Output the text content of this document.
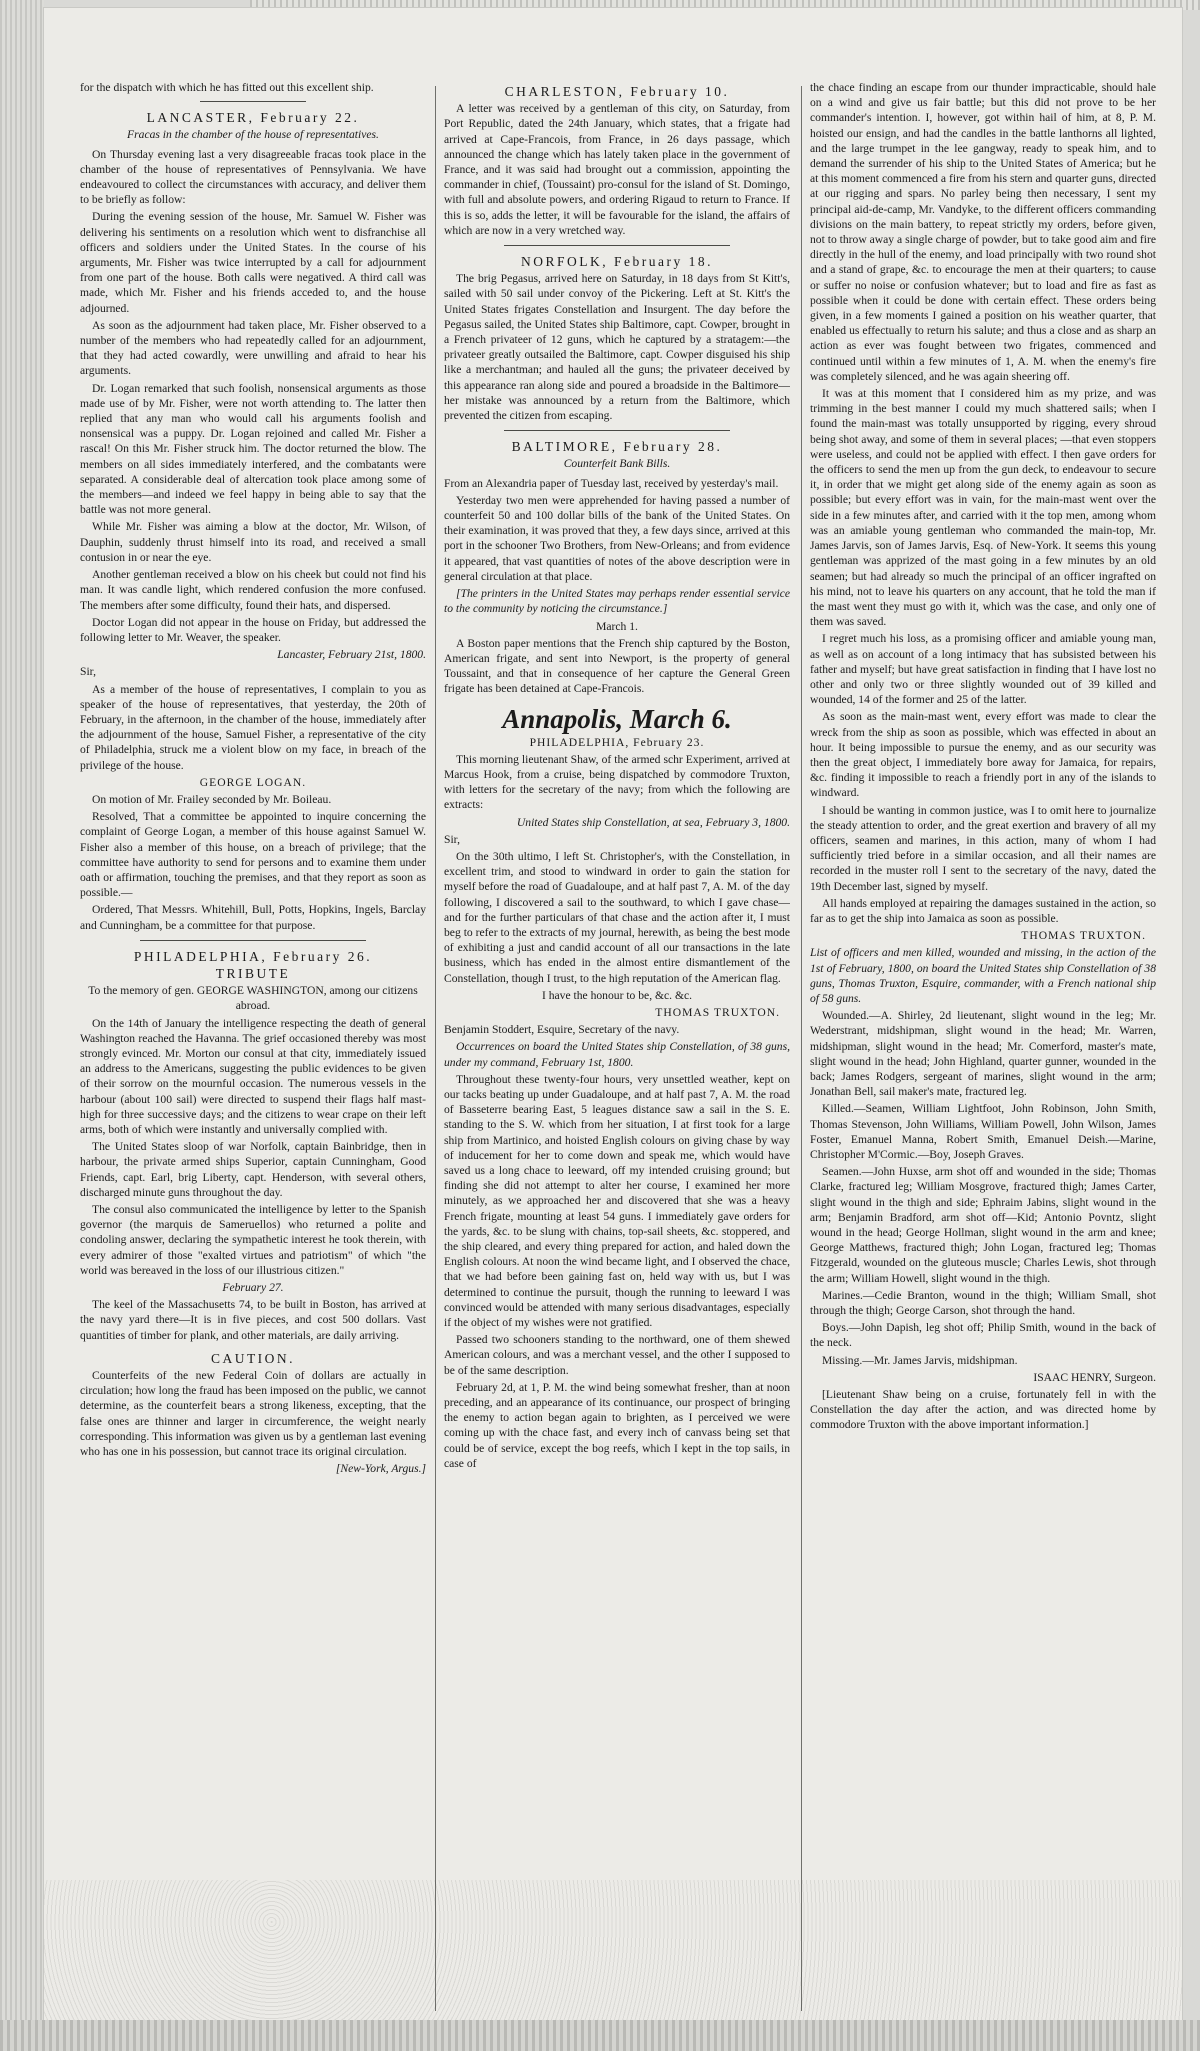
for the dispatch with which he has fitted out this excellent ship.

LANCASTER, February 22.
Fracas in the chamber of the house of representatives.

On Thursday evening last a very disagreeable fracas took place in the chamber of the house of representatives of Pennsylvania. We have endeavoured to collect the circumstances with accuracy, and deliver them to be briefly as follow:

During the evening session of the house, Mr. Samuel W. Fisher was delivering his sentiments on a resolution which went to disfranchise all officers and soldiers under the United States. In the course of his arguments, Mr. Fisher was twice interrupted by a call for adjournment from one part of the house. Both calls were negatived. A third call was made, which Mr. Fisher and his friends acceded to, and the house adjourned.

As soon as the adjournment had taken place, Mr. Fisher observed to a number of the members who had repeatedly called for an adjournment, that they had acted cowardly, were unwilling and afraid to hear his arguments.

Dr. Logan remarked that such foolish, nonsensical arguments as those made use of by Mr. Fisher, were not worth attending to. The latter then replied that any man who would call his arguments foolish and nonsensical was a puppy. Dr. Logan rejoined and called Mr. Fisher a rascal! On this Mr. Fisher struck him. The doctor returned the blow. The members on all sides immediately interfered, and the combatants were separated. A considerable deal of altercation took place among some of the members—and indeed we feel happy in being able to say that the battle was not more general.

While Mr. Fisher was aiming a blow at the doctor, Mr. Wilson, of Dauphin, suddenly thrust himself into its road, and received a small contusion in or near the eye.

Another gentleman received a blow on his cheek but could not find his man. It was candle light, which rendered confusion the more confused. The members after some difficulty, found their hats, and dispersed.

Doctor Logan did not appear in the house on Friday, but addressed the following letter to Mr. Weaver, the speaker.

Lancaster, February 21st, 1800.

Sir,

As a member of the house of representatives, I complain to you as speaker of the house of representatives, that yesterday, the 20th of February, in the afternoon, in the chamber of the house, immediately after the adjournment of the house, Samuel Fisher, a representative of the city of Philadelphia, struck me a violent blow on my face, in breach of the privilege of the house.

GEORGE LOGAN.

On motion of Mr. Frailey seconded by Mr. Boileau.

Resolved, That a committee be appointed to inquire concerning the complaint of George Logan, a member of this house against Samuel W. Fisher also a member of this house, on a breach of privilege; that the committee have authority to send for persons and to examine them under oath or affirmation, touching the premises, and that they report as soon as possible.—

Ordered, That Messrs. Whitehill, Bull, Potts, Hopkins, Ingels, Barclay and Cunningham, be a committee for that purpose.

PHILADELPHIA, February 26.
TRIBUTE

To the memory of gen. GEORGE WASHINGTON, among our citizens abroad.

On the 14th of January the intelligence respecting the death of general Washington reached the Havanna. The grief occasioned thereby was most strongly evinced. Mr. Morton our consul at that city, immediately issued an address to the Americans, suggesting the public evidences to be given of their sorrow on the mournful occasion. The numerous vessels in the harbour (about 100 sail) were directed to suspend their flags half mast-high for three successive days; and the citizens to wear crape on their left arms, both of which were instantly and universally complied with.

The United States sloop of war Norfolk, captain Bainbridge, then in harbour, the private armed ships Superior, captain Cunningham, Good Friends, capt. Earl, brig Liberty, capt. Henderson, with several others, discharged minute guns throughout the day.

The consul also communicated the intelligence by letter to the Spanish governor (the marquis de Sameruellos) who returned a polite and condoling answer, declaring the sympathetic interest he took therein, with every admirer of those "exalted virtues and patriotism" of which "the world was bereaved in the loss of our illustrious citizen."

February 27.

The keel of the Massachusetts 74, to be built in Boston, has arrived at the navy yard there—It is in five pieces, and cost 500 dollars. Vast quantities of timber for plank, and other materials, are daily arriving.

CAUTION.

Counterfeits of the new Federal Coin of dollars are actually in circulation; how long the fraud has been imposed on the public, we cannot determine, as the counterfeit bears a strong likeness, excepting, that the false ones are thinner and larger in circumference, the weight nearly corresponding. This information was given us by a gentleman last evening who has one in his possession, but cannot trace its original circulation.

[New-York, Argus.]

CHARLESTON, February 10.

A letter was received by a gentleman of this city, on Saturday, from Port Republic, dated the 24th January, which states, that a frigate had arrived at Cape-Francois, from France, in 26 days passage, which announced the change which has lately taken place in the government of France, and it was said had brought out a commission, appointing the commander in chief, (Toussaint) pro-consul for the island of St. Domingo, with full and absolute powers, and ordering Rigaud to return to France. If this is so, adds the letter, it will be favourable for the island, the affairs of which are now in a very wretched way.

NORFOLK, February 18.

The brig Pegasus, arrived here on Saturday, in 18 days from St Kitt's, sailed with 50 sail under convoy of the Pickering. Left at St. Kitt's the United States frigates Constellation and Insurgent. The day before the Pegasus sailed, the United States ship Baltimore, capt. Cowper, brought in a French privateer of 12 guns, which he captured by a stratagem:—the privateer greatly outsailed the Baltimore, capt. Cowper disguised his ship like a merchantman; and hauled all the guns; the privateer deceived by this appearance ran along side and poured a broadside in the Baltimore—her mistake was announced by a return from the Baltimore, which prevented the citizen from escaping.

BALTIMORE, February 28.
Counterfeit Bank Bills.

From an Alexandria paper of Tuesday last, received by yesterday's mail.

Yesterday two men were apprehended for having passed a number of counterfeit 50 and 100 dollar bills of the bank of the United States. On their examination, it was proved that they, a few days since, arrived at this port in the schooner Two Brothers, from New-Orleans; and from evidence it appeared, that vast quantities of notes of the above description were in general circulation at that place.

[The printers in the United States may perhaps render essential service to the community by noticing the circumstance.]

March 1.

A Boston paper mentions that the French ship captured by the Boston, American frigate, and sent into Newport, is the property of general Toussaint, and that in consequence of her capture the General Green frigate has been detained at Cape-Francois.

Annapolis, March 6.

PHILADELPHIA, February 23.

This morning lieutenant Shaw, of the armed schr Experiment, arrived at Marcus Hook, from a cruise, being dispatched by commodore Truxton, with letters for the secretary of the navy; from which the following are extracts:

United States ship Constellation, at sea, February 3, 1800.

Sir,

On the 30th ultimo, I left St. Christopher's, with the Constellation, in excellent trim, and stood to windward in order to gain the station for myself before the road of Guadaloupe, and at half past 7, A. M. of the day following, I discovered a sail to the southward, to which I gave chase—and for the further particulars of that chase and the action after it, I must beg to refer to the extracts of my journal, herewith, as being the best mode of exhibiting a just and candid account of all our transactions in the late business, which has ended in the almost entire dismantlement of the Constellation, though I trust, to the high reputation of the American flag.

I have the honour to be, &c. &c.

THOMAS TRUXTON.

Benjamin Stoddert, Esquire, Secretary of the navy.

Occurrences on board the United States ship Constellation, of 38 guns, under my command, February 1st, 1800.

Throughout these twenty-four hours, very unsettled weather, kept on our tacks beating up under Guadaloupe, and at half past 7, A. M. the road of Basseterre bearing East, 5 leagues distance saw a sail in the S. E. standing to the S. W. which from her situation, I at first took for a large ship from Martinico, and hoisted English colours on giving chase by way of inducement for her to come down and speak me, which would have saved us a long chace to leeward, off my intended cruising ground; but finding she did not attempt to alter her course, I examined her more minutely, as we approached her and discovered that she was a heavy French frigate, mounting at least 54 guns. I immediately gave orders for the yards, &c. to be slung with chains, top-sail sheets, &c. stoppered, and the ship cleared, and every thing prepared for action, and haled down the English colours. At noon the wind became light, and I observed the chace, that we had before been gaining fast on, held way with us, but I was determined to continue the pursuit, though the running to leeward I was convinced would be attended with many serious disadvantages, especially if the object of my wishes were not gratified.

Passed two schooners standing to the northward, one of them shewed American colours, and was a merchant vessel, and the other I supposed to be of the same description.

February 2d, at 1, P. M. the wind being somewhat fresher, than at noon preceding, and an appearance of its continuance, our prospect of bringing the enemy to action began again to brighten, as I perceived we were coming up with the chace fast, and every inch of canvass being set that could be of service, except the bog reefs, which I kept in the top sails, in case of

the chace finding an escape from our thunder impracticable, should hale on a wind and give us fair battle; but this did not prove to be her commander's intention. I, however, got within hail of him, at 8, P. M. hoisted our ensign, and had the candles in the battle lanthorns all lighted, and the large trumpet in the lee gangway, ready to speak him, and to demand the surrender of his ship to the United States of America; but he at this moment commenced a fire from his stern and quarter guns, directed at our rigging and spars. No parley being then necessary, I sent my principal aid-de-camp, Mr. Vandyke, to the different officers commanding divisions on the main battery, to repeat strictly my orders, before given, not to throw away a single charge of powder, but to take good aim and fire directly in the hull of the enemy, and load principally with two round shot and a stand of grape, &c. to encourage the men at their quarters; to cause or suffer no noise or confusion whatever; but to load and fire as fast as possible when it could be done with certain effect. These orders being given, in a few moments I gained a position on his weather quarter, that enabled us effectually to return his salute; and thus a close and as sharp an action as ever was fought between two frigates, commenced and continued until within a few minutes of 1, A. M. when the enemy's fire was completely silenced, and he was again sheering off.

It was at this moment that I considered him as my prize, and was trimming in the best manner I could my much shattered sails; when I found the main-mast was totally unsupported by rigging, every shroud being shot away, and some of them in several places; —that even stoppers were useless, and could not be applied with effect. I then gave orders for the officers to send the men up from the gun deck, to endeavour to secure it, in order that we might get along side of the enemy again as soon as possible; but every effort was in vain, for the main-mast went over the side in a few minutes after, and carried with it the top men, among whom was an amiable young gentleman who commanded the main-top, Mr. James Jarvis, son of James Jarvis, Esq. of New-York. It seems this young gentleman was apprized of the mast going in a few minutes by an old seamen; but had already so much the principal of an officer ingrafted on his mind, not to leave his quarters on any account, that he told the man if the mast went they must go with it, which was the case, and only one of them was saved.

I regret much his loss, as a promising officer and amiable young man, as well as on account of a long intimacy that has subsisted between his father and myself; but have great satisfaction in finding that I have lost no other and only two or three slightly wounded out of 39 killed and wounded, 14 of the former and 25 of the latter.

As soon as the main-mast went, every effort was made to clear the wreck from the ship as soon as possible, which was effected in about an hour. It being impossible to pursue the enemy, and as our security was then the great object, I immediately bore away for Jamaica, for repairs, &c. finding it impossible to reach a friendly port in any of the islands to windward.

I should be wanting in common justice, was I to omit here to journalize the steady attention to order, and the great exertion and bravery of all my officers, seamen and marines, in this action, many of whom I had sufficiently tried before in a similar occasion, and all their names are recorded in the muster roll I sent to the secretary of the navy, dated the 19th December last, signed by myself.

All hands employed at repairing the damages sustained in the action, so far as to get the ship into Jamaica as soon as possible.

THOMAS TRUXTON.

List of officers and men killed, wounded and missing, in the action of the 1st of February, 1800, on board the United States ship Constellation of 38 guns, Thomas Truxton, Esquire, commander, with a French national ship of 58 guns.

Wounded.—A. Shirley, 2d lieutenant, slight wound in the leg; Mr. Wederstrant, midshipman, slight wound in the head; Mr. Warren, midshipman, slight wound in the head; Mr. Comerford, master's mate, slight wound in the head; John Highland, quarter gunner, wounded in the back; James Rodgers, sergeant of marines, slight wound in the arm; Jonathan Bell, sail maker's mate, fractured leg.

Killed.—Seamen, William Lightfoot, John Robinson, John Smith, Thomas Stevenson, John Williams, William Powell, John Wilson, James Foster, Emanuel Manna, Robert Smith, Emanuel Deish.—Marine, Christopher M'Cormic.—Boy, Joseph Graves.

Seamen.—John Huxse, arm shot off and wounded in the side; Thomas Clarke, fractured leg; William Mosgrove, fractured thigh; James Carter, slight wound in the thigh and side; Ephraim Jabins, slight wound in the arm; Benjamin Bradford, arm shot off—Kid; Antonio Povntz, slight wound in the head; George Hollman, slight wound in the arm and knee; George Matthews, fractured thigh; John Logan, fractured leg; Thomas Fitzgerald, wounded on the gluteous muscle; Charles Lewis, shot through the arm; William Howell, slight wound in the thigh.

Marines.—Cedie Branton, wound in the thigh; William Small, shot through the thigh; George Carson, shot through the hand.

Boys.—John Dapish, leg shot off; Philip Smith, wound in the back of the neck.

Missing.—Mr. James Jarvis, midshipman.

ISAAC HENRY, Surgeon.

[Lieutenant Shaw being on a cruise, fortunately fell in with the Constellation the day after the action, and was directed home by commodore Truxton with the above important information.]
